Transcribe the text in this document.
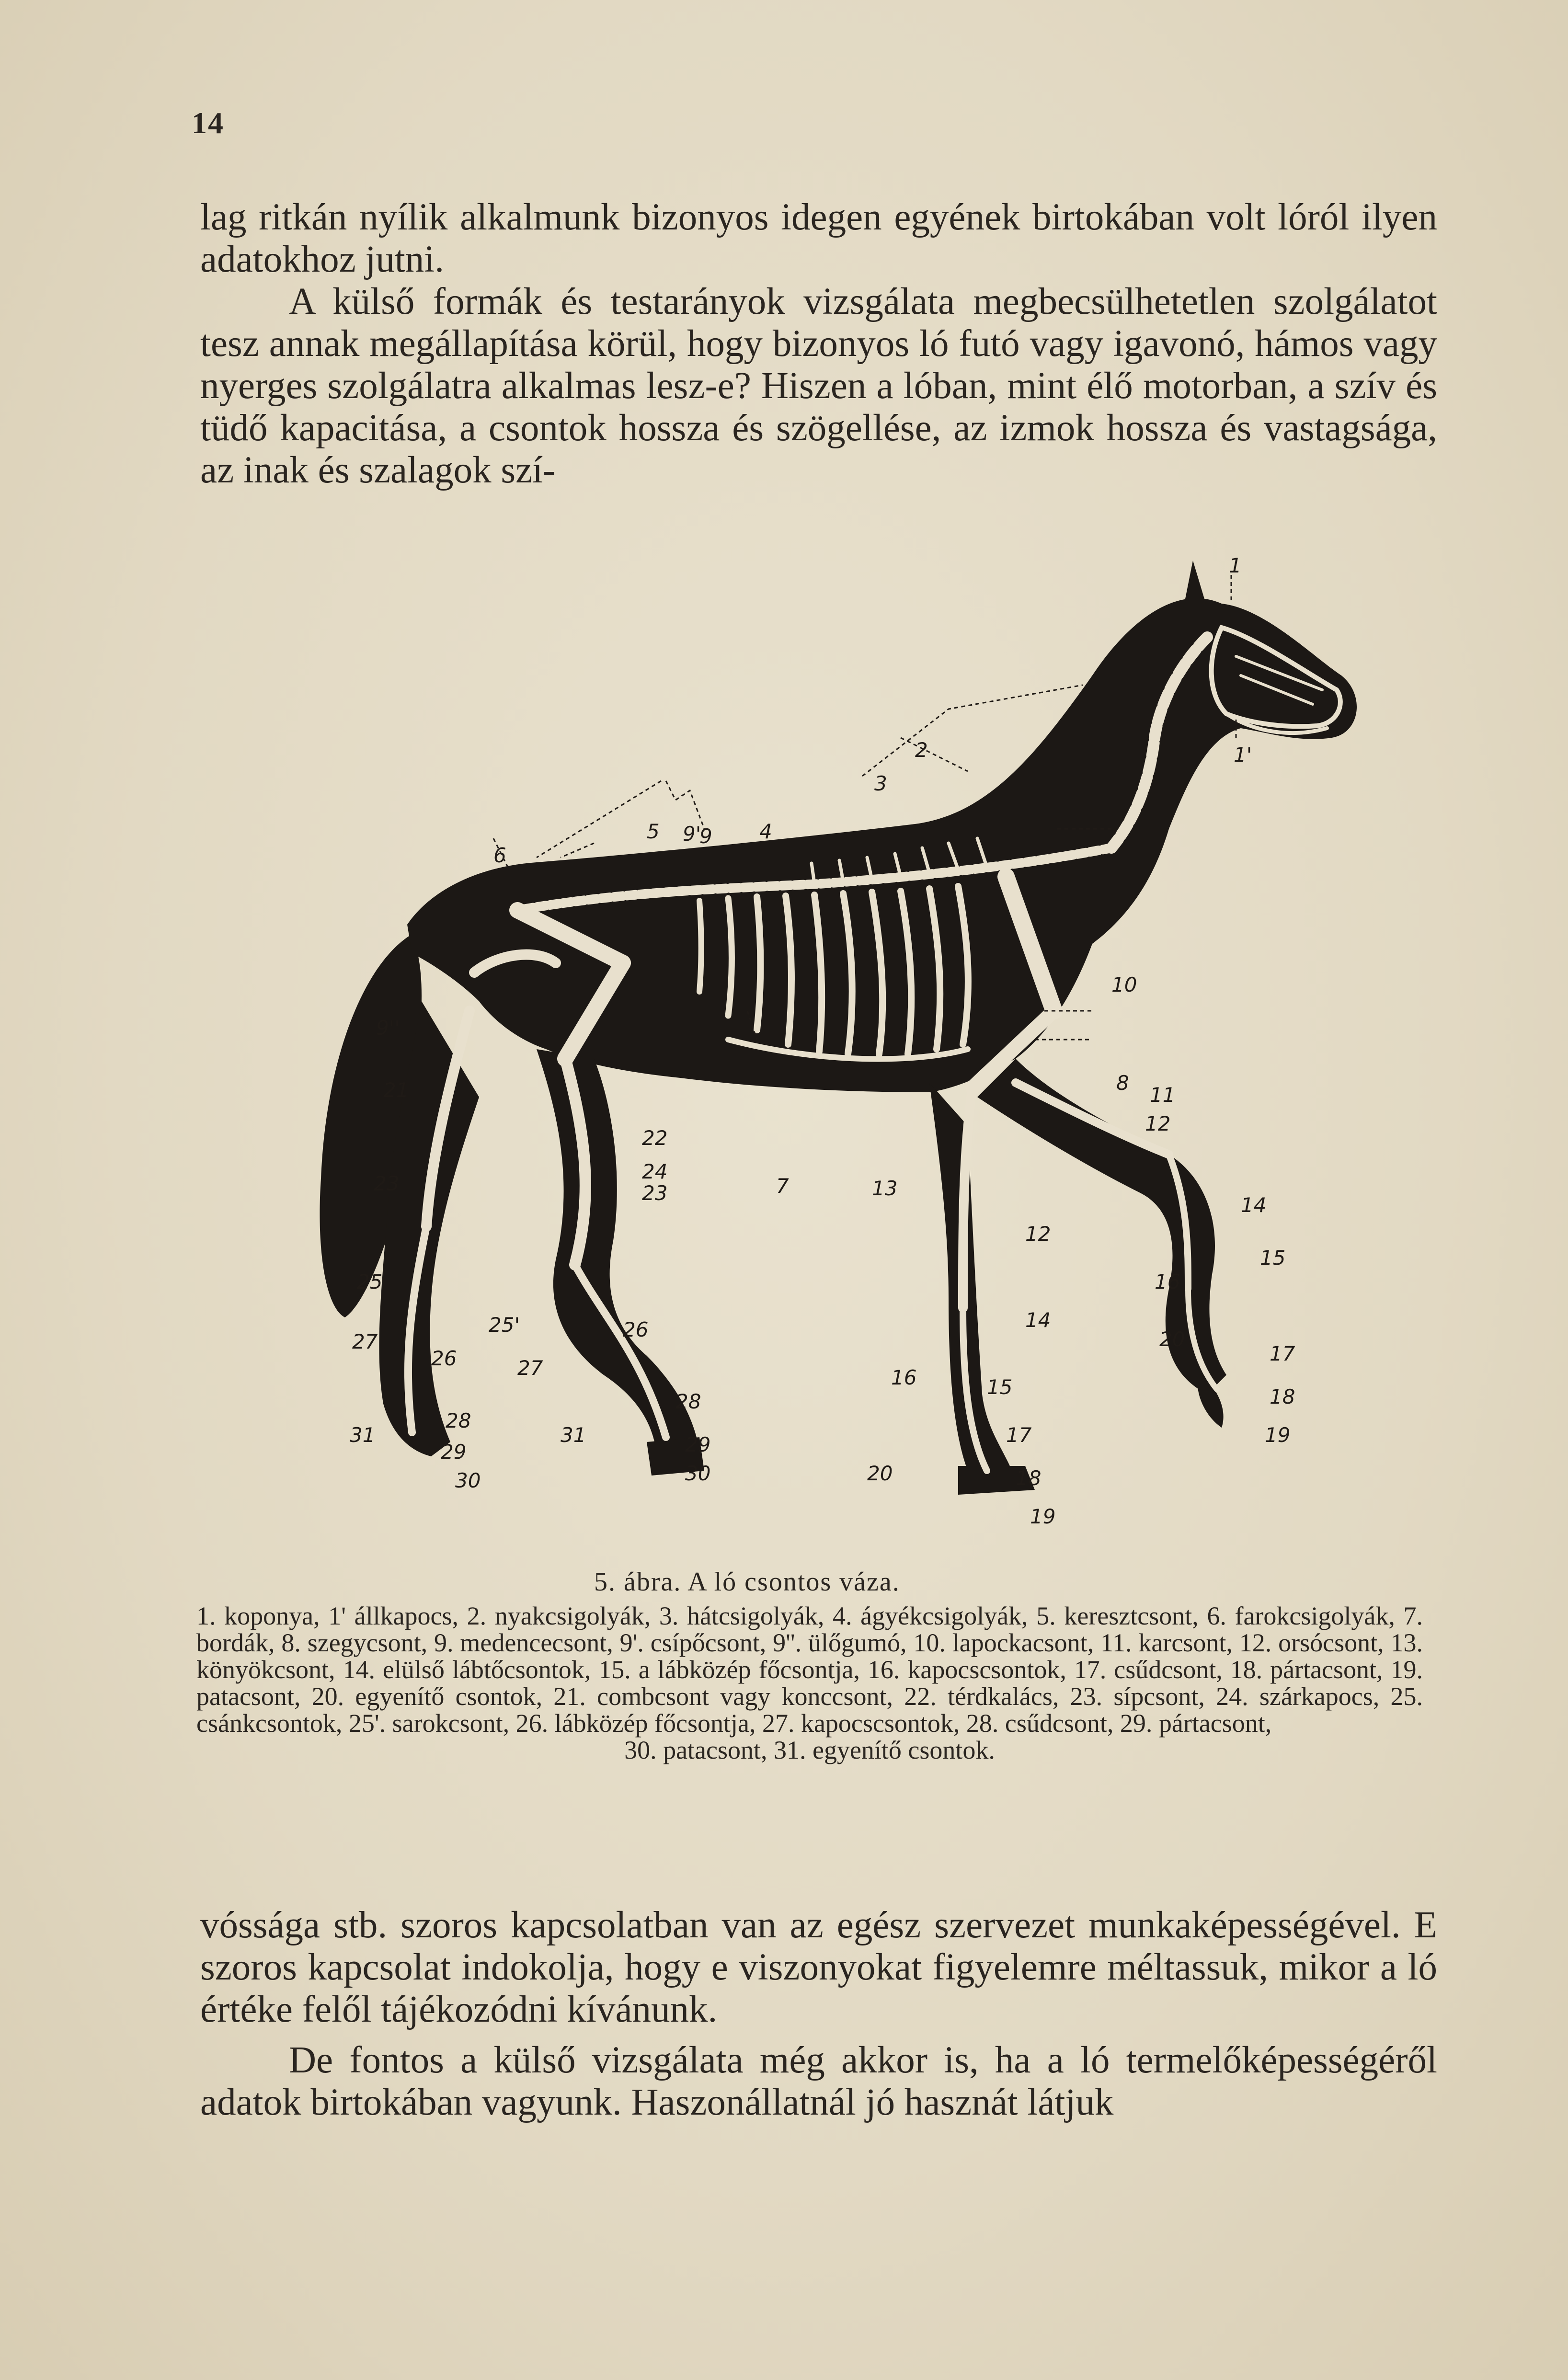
14

lag ritkán nyílik alkalmunk bizonyos idegen egyének birtokában volt lóról ilyen adatokhoz jutni.

A külső formák és testarányok vizsgálata megbecsülhetetlen szolgálatot tesz annak megállapítása körül, hogy bizonyos ló futó vagy igavonó, hámos vagy nyerges szolgálatra alkalmas lesz-e? Hiszen a lóban, mint élő motorban, a szív és tüdő kapacitása, a csontok hossza és szögellése, az izmok hossza és vastagsága, az inak és szalagok szí-

1
1'
2
3
4
5
6
7
8
9
9'
9''
10
11
12
13
12
14
15
16
17
18
19
20
14
15
16
17
18
19
20
21
22
23
24
23
25
25'	26
27
26	27
28
29
30
31
28
29
30
31
5. ábra. A ló csontos váza.
1. koponya, 1' állkapocs, 2. nyakcsigolyák, 3. hátcsigolyák, 4. ágyékcsigolyák, 5. keresztcsont, 6. farokcsigolyák, 7. bordák, 8. szegycsont, 9. medencecsont, 9'. csípőcsont, 9''. ülőgumó, 10. lapockacsont, 11. karcsont, 12. orsócsont, 13. könyökcsont, 14. elülső lábtőcsontok, 15. a lábközép főcsontja, 16. kapocscsontok, 17. csűdcsont, 18. pártacsont, 19. patacsont, 20. egyenítő csontok, 21. combcsont vagy konccsont, 22. térdkalács, 23. sípcsont, 24. szárkapocs, 25. csánkcsontok, 25'. sarokcsont, 26. lábközép főcsontja, 27. kapocscsontok, 28. csűdcsont, 29. pártacsont,
30. patacsont, 31. egyenítő csontok.

vóssága stb. szoros kapcsolatban van az egész szervezet munkaképességével. E szoros kapcsolat indokolja, hogy e viszonyokat figyelemre méltassuk, mikor a ló értéke felől tájékozódni kívánunk.

De fontos a külső vizsgálata még akkor is, ha a ló termelőképességéről adatok birtokában vagyunk. Haszonállatnál jó hasznát látjuk
